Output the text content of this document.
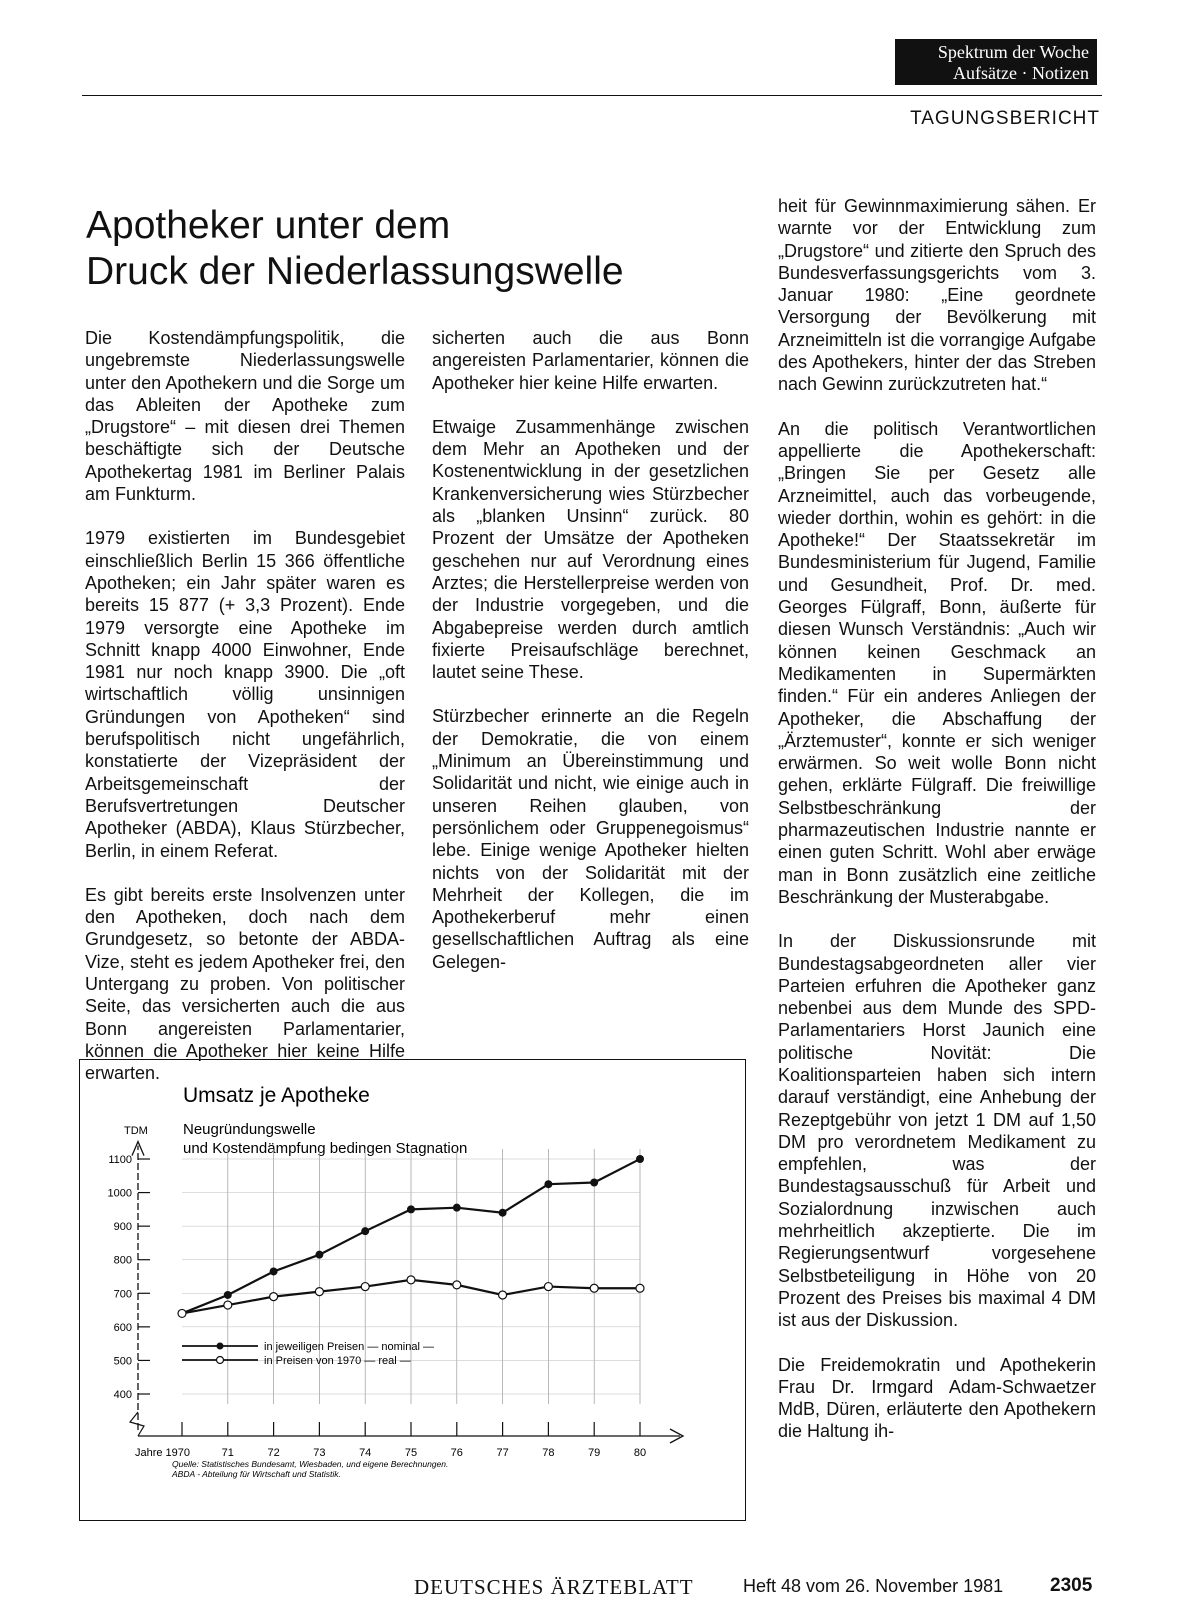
Spektrum der Woche
Aufsätze · Notizen
TAGUNGSBERICHT
Apotheker unter dem
Druck der Niederlassungswelle

Die Kostendämpfungspolitik, die ungebremste Niederlassungswelle unter den Apothekern und die Sorge um das Ableiten der Apotheke zum „Drugstore“ – mit diesen drei Themen beschäftigte sich der Deutsche Apothekertag 1981 im Berliner Palais am Funkturm.

1979 existierten im Bundesgebiet einschließlich Berlin 15 366 öffentliche Apotheken; ein Jahr später waren es bereits 15 877 (+ 3,3 Prozent). Ende 1979 versorgte eine Apotheke im Schnitt knapp 4000 Einwohner, Ende 1981 nur noch knapp 3900. Die „oft wirtschaftlich völlig unsinnigen Gründungen von Apotheken“ sind berufspolitisch nicht ungefährlich, konstatierte der Vizepräsident der Arbeitsgemeinschaft der Berufsvertretungen Deutscher Apotheker (ABDA), Klaus Stürzbecher, Berlin, in einem Referat.

Es gibt bereits erste Insolvenzen unter den Apotheken, doch nach dem Grundgesetz, so betonte der ABDA-Vize, steht es jedem Apotheker frei, den Untergang zu proben. Von politischer Seite, das versicherten auch die aus Bonn angereisten Parlamentarier, können die Apotheker hier keine Hilfe erwarten.

sicherten auch die aus Bonn angereisten Parlamentarier, können die Apotheker hier keine Hilfe erwarten.

Etwaige Zusammenhänge zwischen dem Mehr an Apotheken und der Kostenentwicklung in der gesetzlichen Krankenversicherung wies Stürzbecher als „blanken Unsinn“ zurück. 80 Prozent der Umsätze der Apotheken geschehen nur auf Verordnung eines Arztes; die Herstellerpreise werden von der Industrie vorgegeben, und die Abgabepreise werden durch amtlich fixierte Preisaufschläge berechnet, lautet seine These.

Stürzbecher erinnerte an die Regeln der Demokratie, die von einem „Minimum an Übereinstimmung und Solidarität und nicht, wie einige auch in unseren Reihen glauben, von persönlichem oder Gruppenegoismus“ lebe. Einige wenige Apotheker hielten nichts von der Solidarität mit der Mehrheit der Kollegen, die im Apothekerberuf mehr einen gesellschaftlichen Auftrag als eine Gelegen-

heit für Gewinnmaximierung sähen. Er warnte vor der Entwicklung zum „Drugstore“ und zitierte den Spruch des Bundesverfassungsgerichts vom 3. Januar 1980: „Eine geordnete Versorgung der Bevölkerung mit Arzneimitteln ist die vorrangige Aufgabe des Apothekers, hinter der das Streben nach Gewinn zurückzutreten hat.“

An die politisch Verantwortlichen appellierte die Apothekerschaft: „Bringen Sie per Gesetz alle Arzneimittel, auch das vorbeugende, wieder dorthin, wohin es gehört: in die Apotheke!“ Der Staatssekretär im Bundesministerium für Jugend, Familie und Gesundheit, Prof. Dr. med. Georges Fülgraff, Bonn, äußerte für diesen Wunsch Verständnis: „Auch wir können keinen Geschmack an Medikamenten in Supermärkten finden.“ Für ein anderes Anliegen der Apotheker, die Abschaffung der „Ärztemuster“, konnte er sich weniger erwärmen. So weit wolle Bonn nicht gehen, erklärte Fülgraff. Die freiwillige Selbstbeschränkung der pharmazeutischen Industrie nannte er einen guten Schritt. Wohl aber erwäge man in Bonn zusätzlich eine zeitliche Beschränkung der Musterabgabe.

In der Diskussionsrunde mit Bundestagsabgeordneten aller vier Parteien erfuhren die Apotheker ganz nebenbei aus dem Munde des SPD-Parlamentariers Horst Jaunich eine politische Novität: Die Koalitionsparteien haben sich intern darauf verständigt, eine Anhebung der Rezeptgebühr von jetzt 1 DM auf 1,50 DM pro verordnetem Medikament zu empfehlen, was der Bundestagsausschuß für Arbeit und Sozialordnung inzwischen auch mehrheitlich akzeptierte. Die im Regierungsentwurf vorgesehene Selbstbeteiligung in Höhe von 20 Prozent des Preises bis maximal 4 DM ist aus der Diskussion.

Die Freidemokratin und Apothekerin Frau Dr. Irmgard Adam-Schwaetzer MdB, Düren, erläuterte den Apothekern die Haltung ih-

Umsatz je Apotheke
Neugründungswelle
und Kostendämpfung bedingen Stagnation
TDM
400
500
600
700
800
900
1000
1100
Jahre 1970	71	72	73	74	75	76	77	78	79	80
in jeweiligen Preisen — nominal —
in Preisen von 1970 — real —
Quelle: Statistisches Bundesamt, Wiesbaden, und eigene Berechnungen.
ABDA - Abteilung für Wirtschaft und Statistik.
DEUTSCHES ÄRZTEBLATT	Heft 48 vom 26. November 1981 2305
